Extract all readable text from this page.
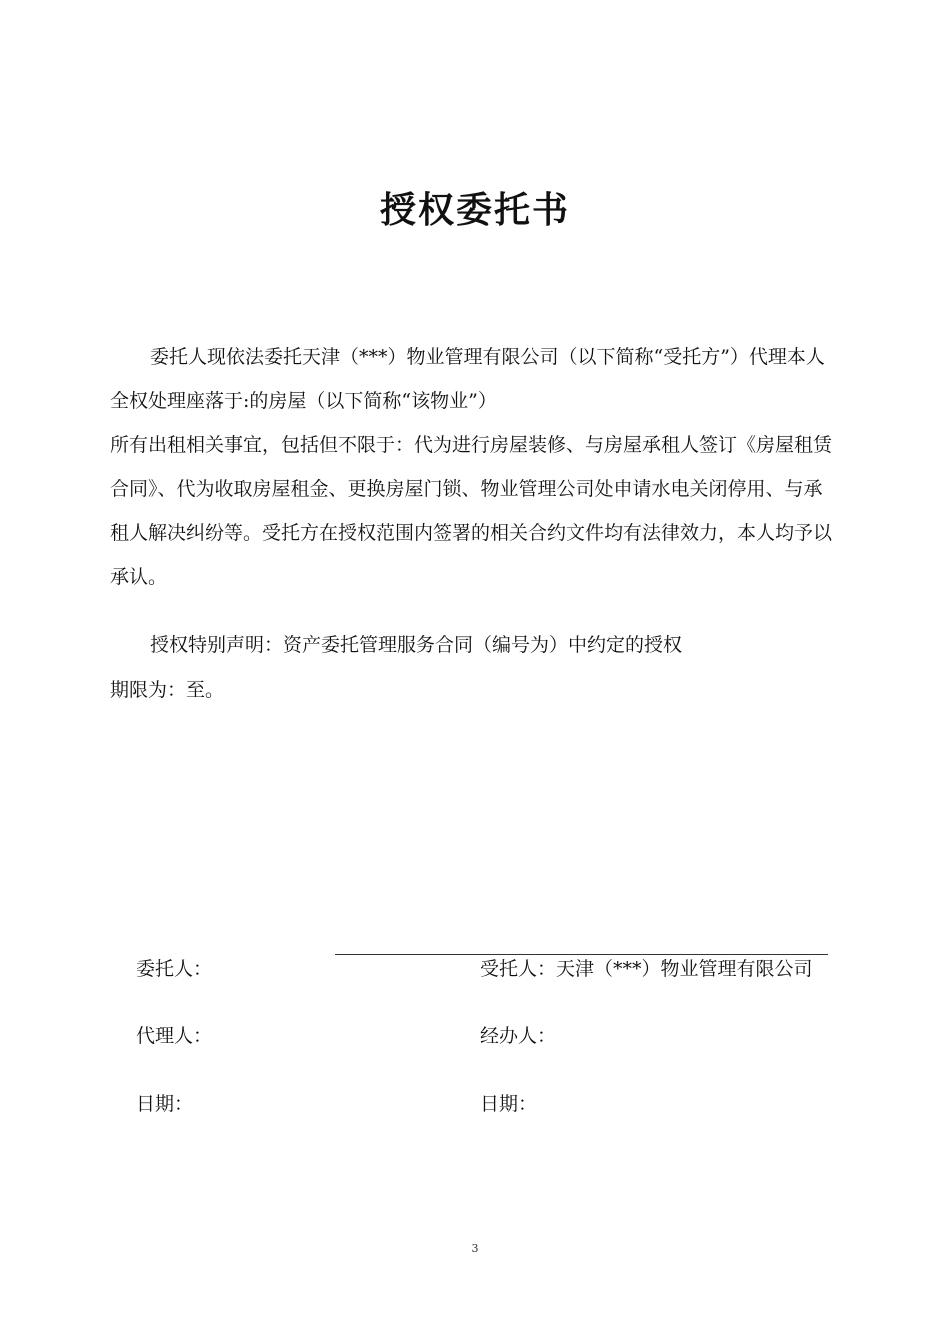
授权委托书
委托人现依法委托天津（***）物业管理有限公司（以下简称“受托方”）代理本人
全权处理座落于:的房屋（以下简称“该物业”）
所有出租相关事宜，包括但不限于：代为进行房屋装修、与房屋承租人签订《房屋租赁
合同》、代为收取房屋租金、更换房屋门锁、物业管理公司处申请水电关闭停用、与承
租人解决纠纷等。受托方在授权范围内签署的相关合约文件均有法律效力，本人均予以
承认。
授权特别声明：资产委托管理服务合同（编号为）中约定的授权
期限为：至。
委托人：	受托人：天津（***）物业管理有限公司
代理人：	经办人：
日期：	日期：
3
